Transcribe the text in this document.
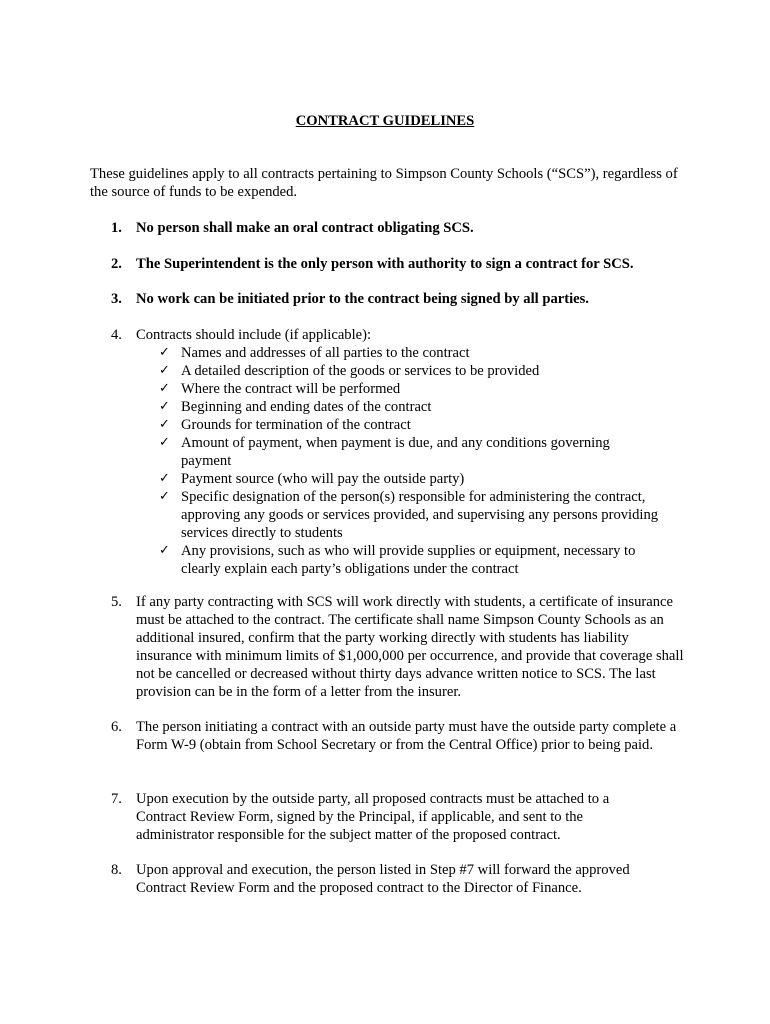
CONTRACT GUIDELINES
These guidelines apply to all contracts pertaining to Simpson County Schools (“SCS”), regardless of the source of funds to be expended.
1. No person shall make an oral contract obligating SCS.
2. The Superintendent is the only person with authority to sign a contract for SCS.
3. No work can be initiated prior to the contract being signed by all parties.
4. Contracts should include (if applicable):
✓ Names and addresses of all parties to the contract
✓ A detailed description of the goods or services to be provided
✓ Where the contract will be performed
✓ Beginning and ending dates of the contract
✓ Grounds for termination of the contract
✓ Amount of payment, when payment is due, and any conditions governing payment
✓ Payment source (who will pay the outside party)
✓ Specific designation of the person(s) responsible for administering the contract, approving any goods or services provided, and supervising any persons providing services directly to students
✓ Any provisions, such as who will provide supplies or equipment, necessary to clearly explain each party’s obligations under the contract
5. If any party contracting with SCS will work directly with students, a certificate of insurance must be attached to the contract. The certificate shall name Simpson County Schools as an additional insured, confirm that the party working directly with students has liability insurance with minimum limits of $1,000,000 per occurrence, and provide that coverage shall not be cancelled or decreased without thirty days advance written notice to SCS. The last provision can be in the form of a letter from the insurer.
6. The person initiating a contract with an outside party must have the outside party complete a Form W-9 (obtain from School Secretary or from the Central Office) prior to being paid.
7. Upon execution by the outside party, all proposed contracts must be attached to a Contract Review Form, signed by the Principal, if applicable, and sent to the administrator responsible for the subject matter of the proposed contract.
8. Upon approval and execution, the person listed in Step #7 will forward the approved Contract Review Form and the proposed contract to the Director of Finance.
